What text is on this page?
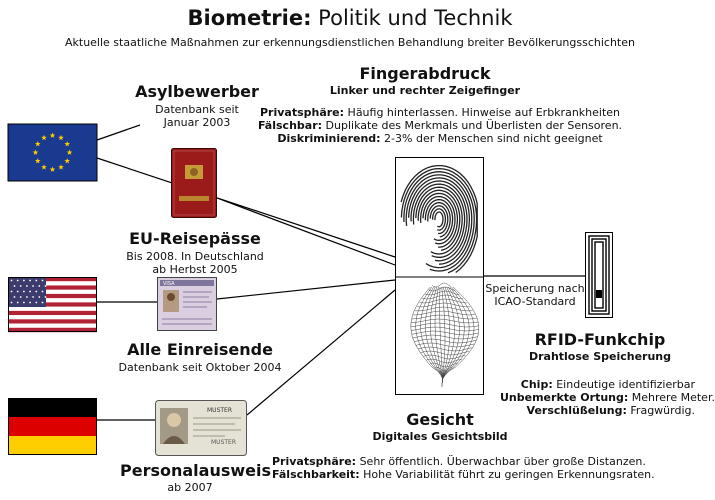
Biometrie: Politik und Technik
Aktuelle staatliche Maßnahmen zur erkennungsdienstlichen Behandlung breiter Bevölkerungsschichten
Asylbewerber
Datenbank seit
Januar 2003
EU-Reisepässe
Bis 2008. In Deutschland
ab Herbst 2005
VISA
Alle Einreisende
Datenbank seit Oktober 2004
MUSTER
MUSTER
Personalausweis
ab 2007
Fingerabdruck
Linker und rechter Zeigefinger
Privatsphäre: Häufig hinterlassen. Hinweise auf Erbkrankheiten
Fälschbar: Duplikate des Merkmals und Überlisten der Sensoren.
Diskriminierend: 2-3% der Menschen sind nicht geeignet
Speicherung nach
ICAO-Standard
RFID-Funkchip
Drahtlose Speicherung
Chip: Eindeutige identifizierbar
Unbemerkte Ortung: Mehrere Meter.
Verschlüßelung: Fragwürdig.
Gesicht
Digitales Gesichtsbild
Privatsphäre: Sehr öffentlich. Überwachbar über große Distanzen.
Fälschbarkeit: Hohe Variabilität führt zu geringen Erkennungsraten.
